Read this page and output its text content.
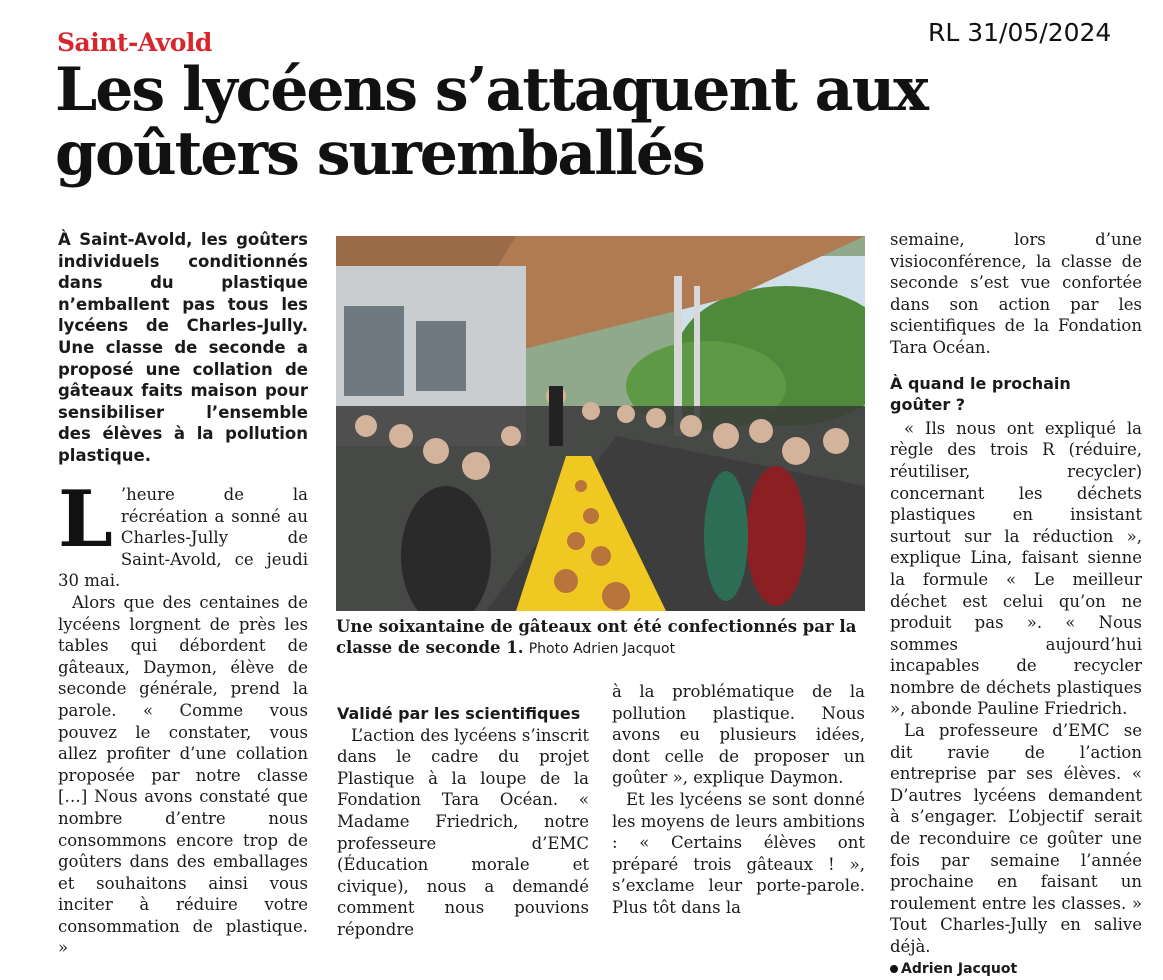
Saint-Avold	RL 31/05/2024
Les lycéens s’attaquent aux goûters suremballés

À Saint-Avold, les goûters individuels conditionnés dans du plastique n’emballent pas tous les lycéens de Charles-Jully. Une classe de seconde a proposé une collation de gâteaux faits maison pour sensibiliser l’ensemble des élèves à la pollution plastique.

L ’heure de la récréation a sonné au Charles-Jully de Saint-Avold, ce jeudi 30 mai.

Alors que des centaines de lycéens lorgnent de près les tables qui débordent de gâteaux, Daymon, élève de seconde générale, prend la parole. « Comme vous pouvez le constater, vous allez profiter d’une collation proposée par notre classe […] Nous avons constaté que nombre d’entre nous consommons encore trop de goûters dans des emballages et souhaitons ainsi vous inciter à réduire votre consommation de plastique. »

Une soixantaine de gâteaux ont été confectionnés par la classe de seconde 1. Photo Adrien Jacquot

Validé par les scientifiques

L’action des lycéens s’inscrit dans le cadre du projet Plastique à la loupe de la Fondation Tara Océan. « Madame Friedrich, notre professeure d’EMC (Éducation morale et civique), nous a demandé comment nous pouvions répondre

à la problématique de la pollution plastique. Nous avons eu plusieurs idées, dont celle de proposer un goûter », explique Daymon.

Et les lycéens se sont donné les moyens de leurs ambitions : « Certains élèves ont préparé trois gâteaux ! », s’exclame leur porte-parole. Plus tôt dans la

semaine, lors d’une visioconférence, la classe de seconde s’est vue confortée dans son action par les scientifiques de la Fondation Tara Océan.

À quand le prochain goûter ?

« Ils nous ont expliqué la règle des trois R (réduire, réutiliser, recycler) concernant les déchets plastiques en insistant surtout sur la réduction », explique Lina, faisant sienne la formule « Le meilleur déchet est celui qu’on ne produit pas ». « Nous sommes aujourd’hui incapables de recycler nombre de déchets plastiques », abonde Pauline Friedrich.

La professeure d’EMC se dit ravie de l’action entreprise par ses élèves. « D’autres lycéens demandent à s’engager. L’objectif serait de reconduire ce goûter une fois par semaine l’année prochaine en faisant un roulement entre les classes. » Tout Charles-Jully en salive déjà.

Adrien Jacquot
